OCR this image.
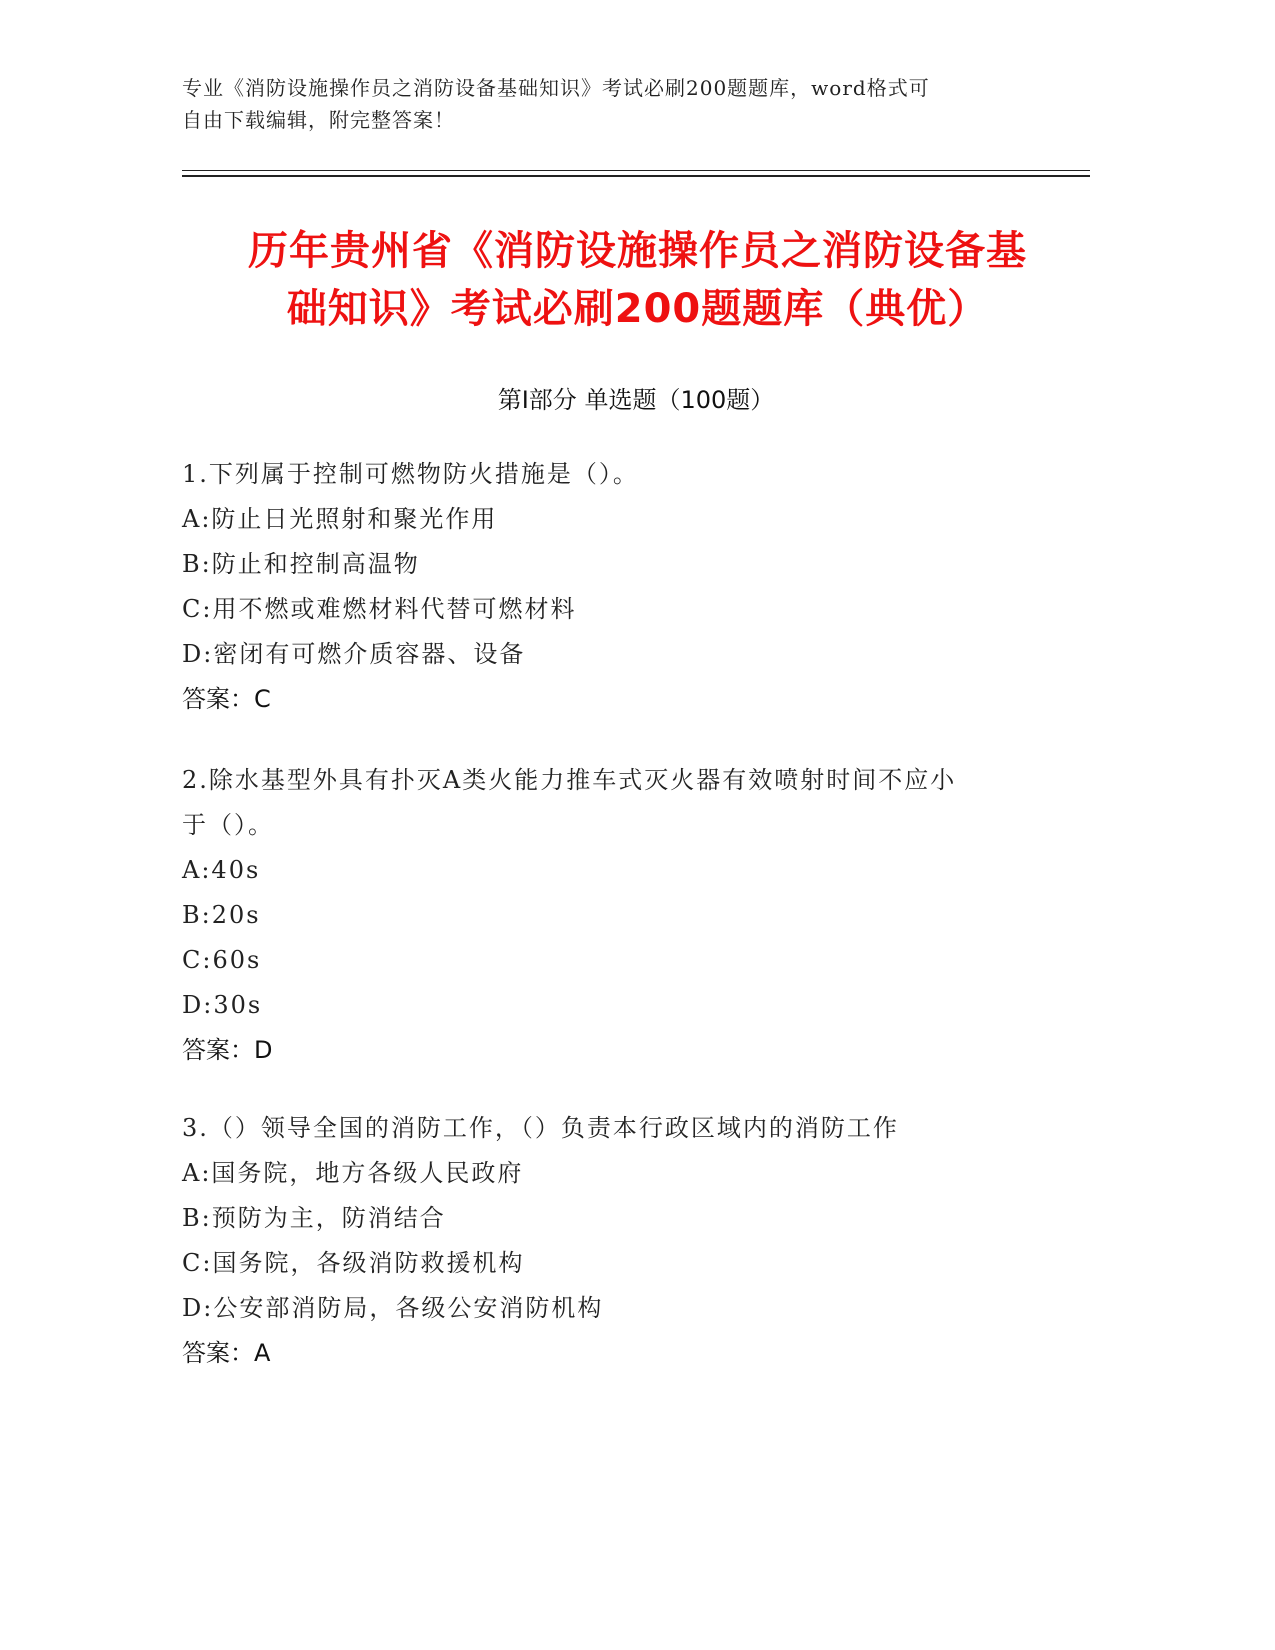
专业《消防设施操作员之消防设备基础知识》考试必刷200题题库，word格式可
自由下载编辑，附完整答案！
历年贵州省《消防设施操作员之消防设备基
础知识》考试必刷200题题库（典优）
第Ⅰ部分 单选题（100题）

1.下列属于控制可燃物防火措施是（）。

A:防止日光照射和聚光作用

B:防止和控制高温物

C:用不燃或难燃材料代替可燃材料

D:密闭有可燃介质容器、设备

答案：C

2.除水基型外具有扑灭A类火能力推车式灭火器有效喷射时间不应小

于（）。

A:40s

B:20s

C:60s

D:30s

答案：D

3.（）领导全国的消防工作，（）负责本行政区域内的消防工作

A:国务院，地方各级人民政府

B:预防为主，防消结合

C:国务院，各级消防救援机构

D:公安部消防局，各级公安消防机构

答案：A
